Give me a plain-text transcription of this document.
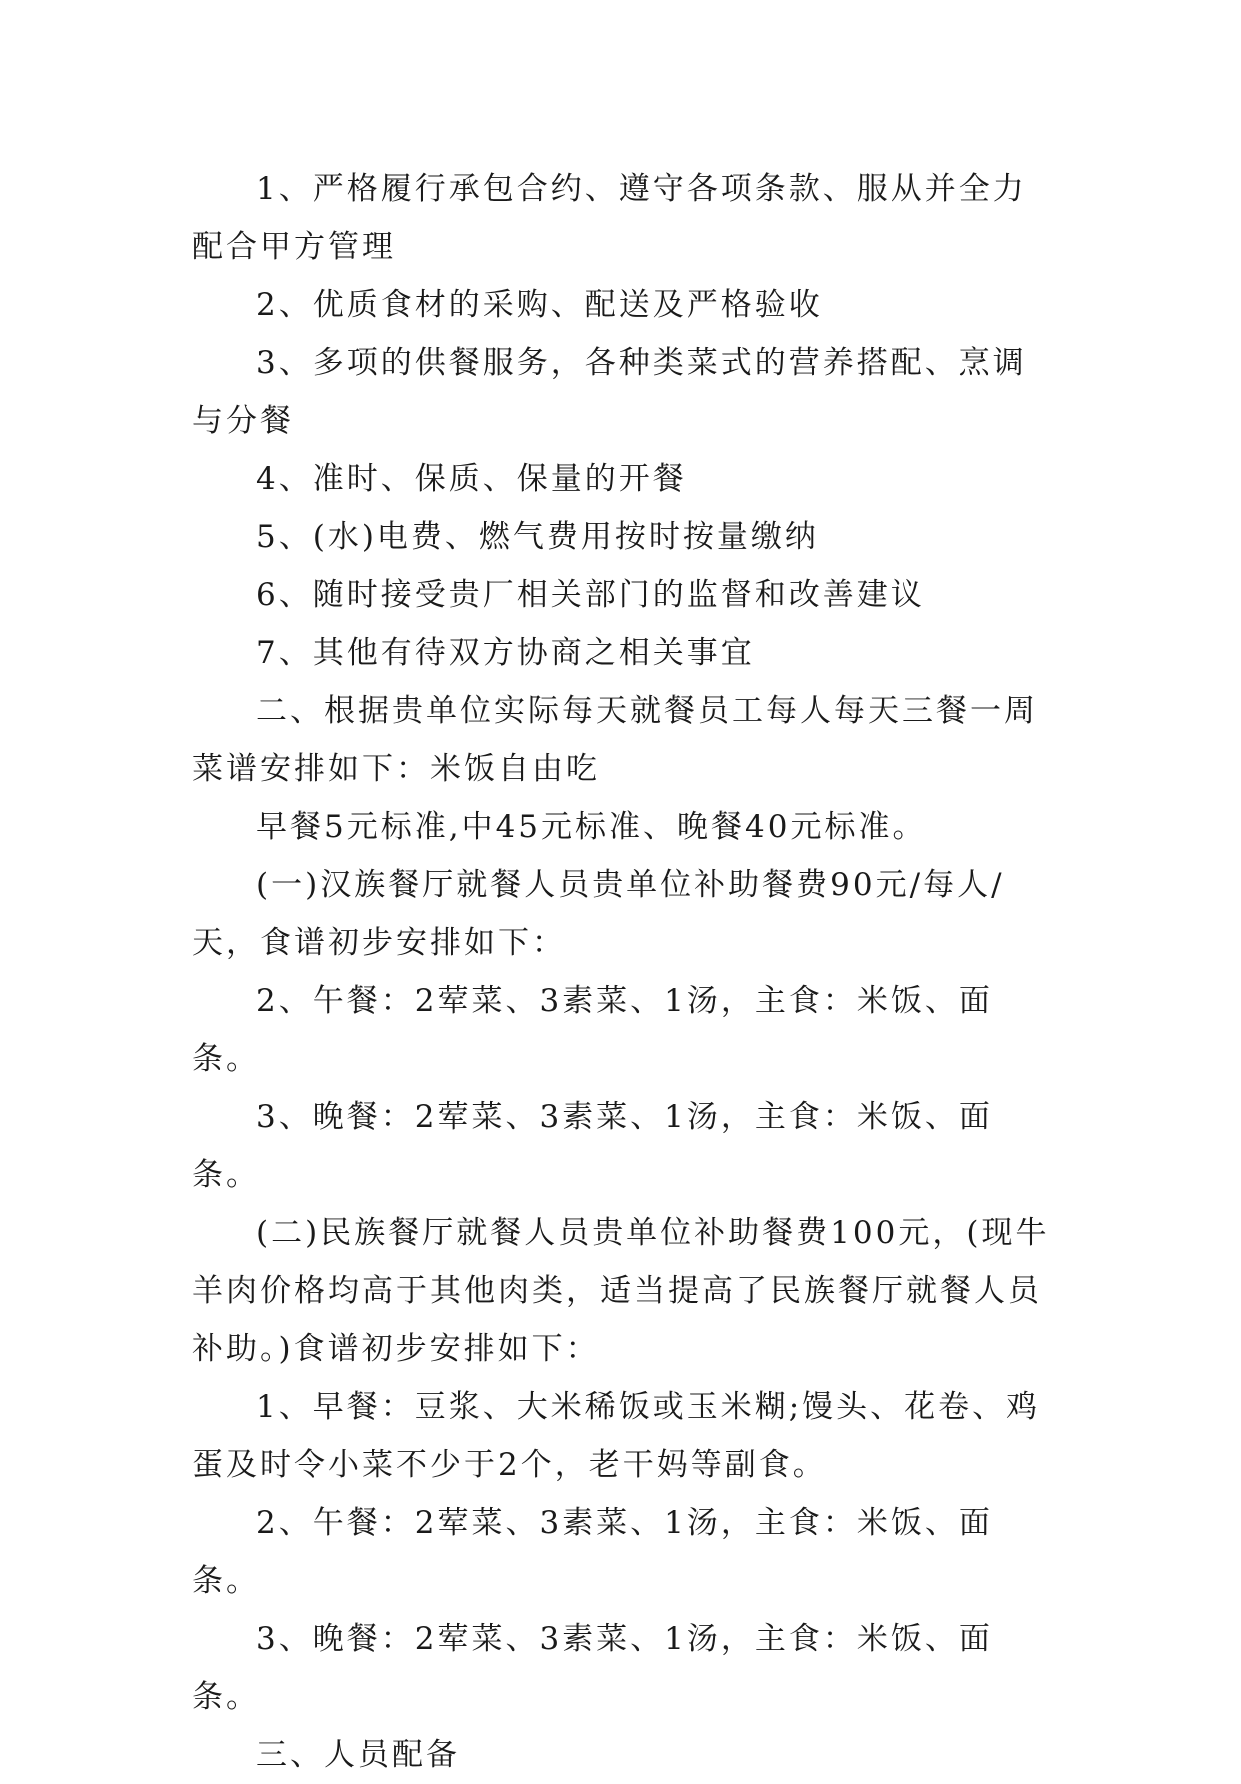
1、严格履行承包合约、遵守各项条款、服从并全力配合甲方管理

2、优质食材的采购、配送及严格验收

3、多项的供餐服务，各种类菜式的营养搭配、烹调与分餐

4、准时、保质、保量的开餐

5、(水)电费、燃气费用按时按量缴纳

6、随时接受贵厂相关部门的监督和改善建议

7、其他有待双方协商之相关事宜

二、根据贵单位实际每天就餐员工每人每天三餐一周菜谱安排如下：米饭自由吃

早餐5元标准,中45元标准、晚餐40元标准。

(一)汉族餐厅就餐人员贵单位补助餐费90元/每人/天，食谱初步安排如下：

2、午餐：2荤菜、3素菜、1汤，主食：米饭、面条。

3、晚餐：2荤菜、3素菜、1汤，主食：米饭、面条。

(二)民族餐厅就餐人员贵单位补助餐费100元，(现牛羊肉价格均高于其他肉类，适当提高了民族餐厅就餐人员补助。)食谱初步安排如下：

1、早餐：豆浆、大米稀饭或玉米糊;馒头、花卷、鸡蛋及时令小菜不少于2个，老干妈等副食。

2、午餐：2荤菜、3素菜、1汤，主食：米饭、面条。

3、晚餐：2荤菜、3素菜、1汤，主食：米饭、面条。

三、人员配备
